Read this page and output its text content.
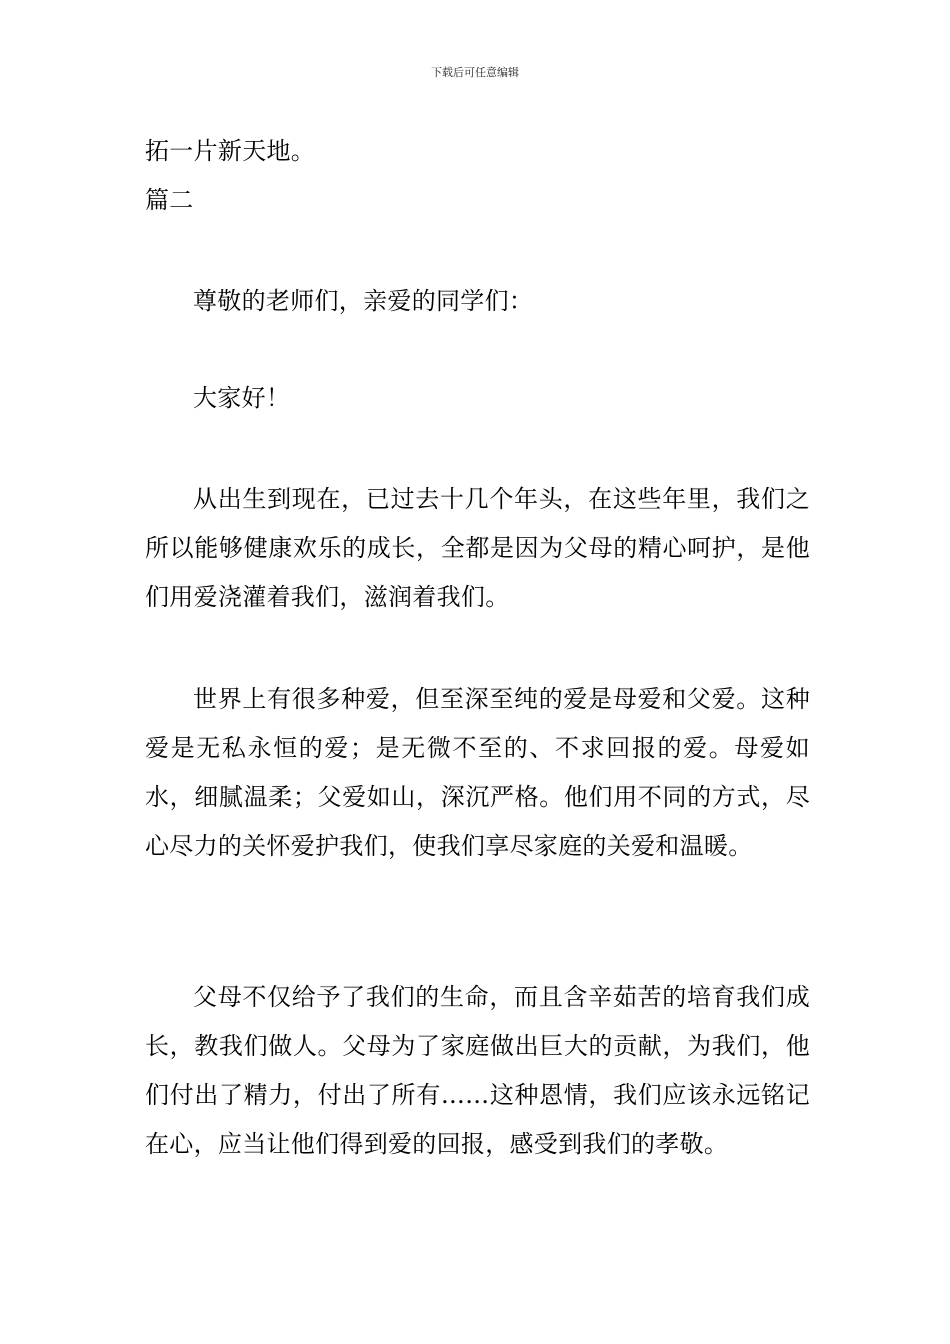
下载后可任意编辑

拓一片新天地。

篇二

尊敬的老师们，亲爱的同学们：

大家好！

从出生到现在，已过去十几个年头，在这些年里，我们之所以能够健康欢乐的成长，全都是因为父母的精心呵护，是他们用爱浇灌着我们，滋润着我们。

世界上有很多种爱，但至深至纯的爱是母爱和父爱。这种爱是无私永恒的爱；是无微不至的、不求回报的爱。母爱如水，细腻温柔；父爱如山，深沉严格。他们用不同的方式，尽心尽力的关怀爱护我们，使我们享尽家庭的关爱和温暖。

父母不仅给予了我们的生命，而且含辛茹苦的培育我们成长，教我们做人。父母为了家庭做出巨大的贡献，为我们，他们付出了精力，付出了所有……这种恩情，我们应该永远铭记在心，应当让他们得到爱的回报，感受到我们的孝敬。
